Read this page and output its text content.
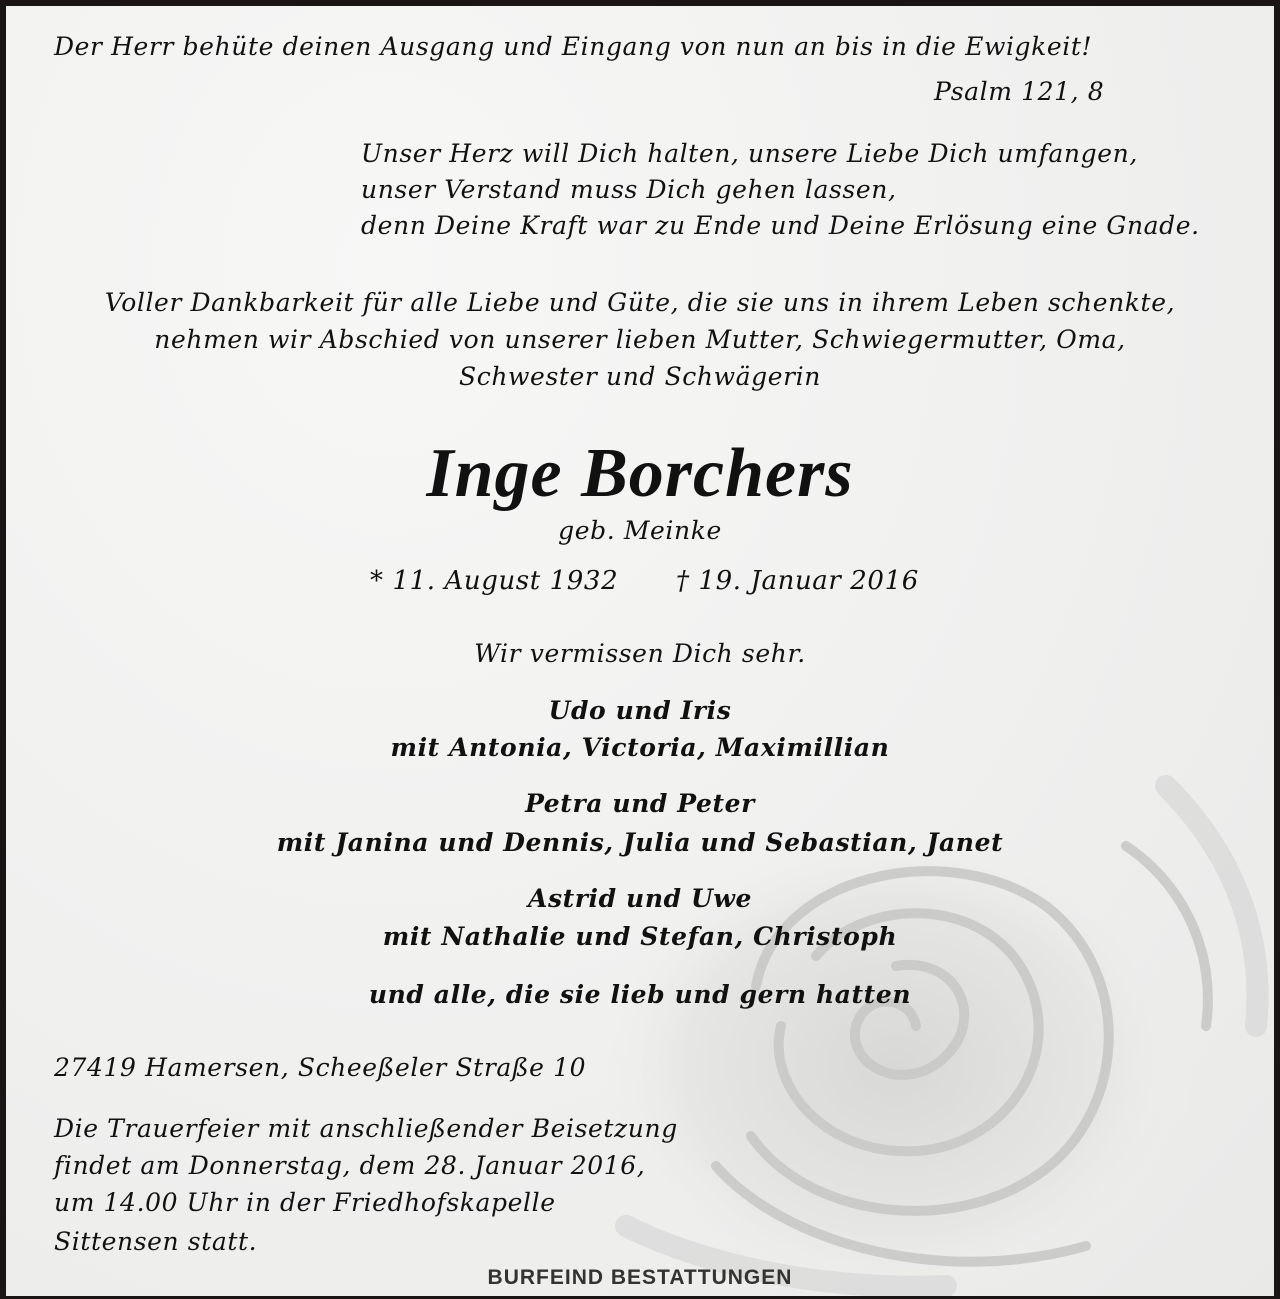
Der Herr behüte deinen Ausgang und Eingang von nun an bis in die Ewigkeit!
Psalm 121, 8
Unser Herz will Dich halten, unsere Liebe Dich umfangen,
unser Verstand muss Dich gehen lassen,
denn Deine Kraft war zu Ende und Deine Erlösung eine Gnade.
Voller Dankbarkeit für alle Liebe und Güte, die sie uns in ihrem Leben schenkte,
nehmen wir Abschied von unserer lieben Mutter, Schwiegermutter, Oma,
Schwester und Schwägerin
Inge Borchers
geb. Meinke
* 11. August 1932 † 19. Januar 2016
Wir vermissen Dich sehr.
Udo und Iris
mit Antonia, Victoria, Maximillian
Petra und Peter
mit Janina und Dennis, Julia und Sebastian, Janet
Astrid und Uwe
mit Nathalie und Stefan, Christoph
und alle, die sie lieb und gern hatten
27419 Hamersen, Scheeßeler Straße 10
Die Trauerfeier mit anschließender Beisetzung
findet am Donnerstag, dem 28. Januar 2016,
um 14.00 Uhr in der Friedhofskapelle
Sittensen statt.
BURFEIND BESTATTUNGEN
